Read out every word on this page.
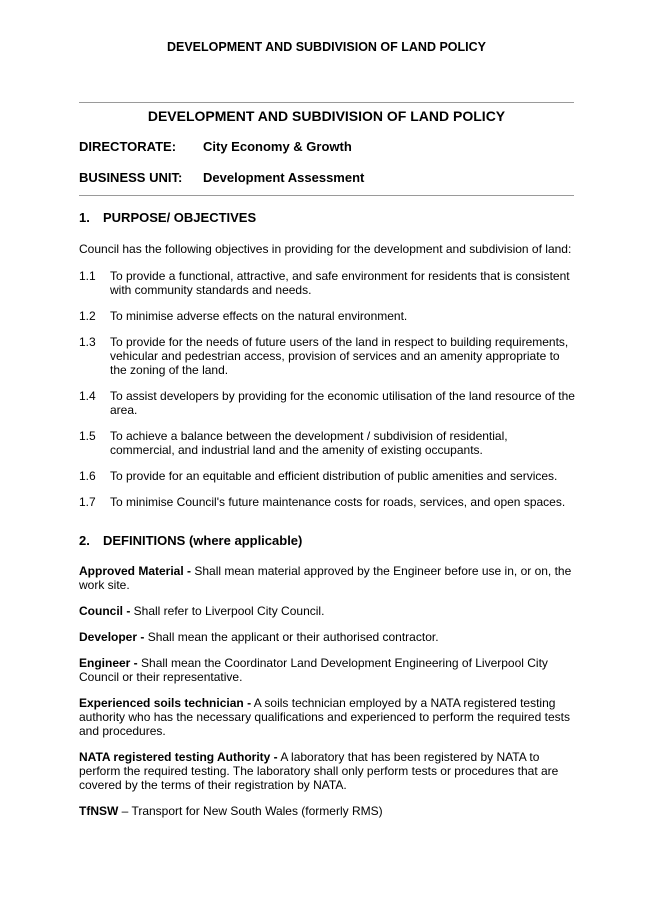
DEVELOPMENT AND SUBDIVISION OF LAND POLICY
DEVELOPMENT AND SUBDIVISION OF LAND POLICY
DIRECTORATE: City Economy & Growth
BUSINESS UNIT: Development Assessment
1. PURPOSE/ OBJECTIVES

Council has the following objectives in providing for the development and subdivision of land:

1.1	To provide a functional, attractive, and safe environment for residents that is consistent with community standards and needs.
1.2	To minimise adverse effects on the natural environment.
1.3	To provide for the needs of future users of the land in respect to building requirements, vehicular and pedestrian access, provision of services and an amenity appropriate to the zoning of the land.
1.4	To assist developers by providing for the economic utilisation of the land resource of the area.
1.5	To achieve a balance between the development / subdivision of residential, commercial, and industrial land and the amenity of existing occupants.
1.6	To provide for an equitable and efficient distribution of public amenities and services.
1.7	To minimise Council's future maintenance costs for roads, services, and open spaces.
2. DEFINITIONS (where applicable)

Approved Material - Shall mean material approved by the Engineer before use in, or on, the work site.

Council - Shall refer to Liverpool City Council.

Developer - Shall mean the applicant or their authorised contractor.

Engineer - Shall mean the Coordinator Land Development Engineering of Liverpool City Council or their representative.

Experienced soils technician - A soils technician employed by a NATA registered testing authority who has the necessary qualifications and experienced to perform the required tests and procedures.

NATA registered testing Authority - A laboratory that has been registered by NATA to perform the required testing. The laboratory shall only perform tests or procedures that are covered by the terms of their registration by NATA.

TfNSW – Transport for New South Wales (formerly RMS)
